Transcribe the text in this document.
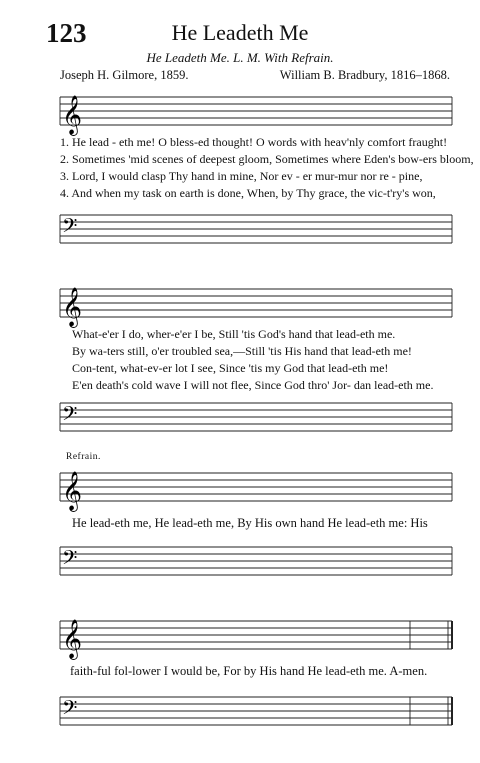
123	He Leadeth Me
He Leadeth Me. L. M. With Refrain.
Joseph H. Gilmore, 1859.	William B. Bradbury, 1816–1868.
𝄞
1. He lead - eth me! O bless-ed thought! O words with heav'nly comfort fraught!
2. Sometimes 'mid scenes of deepest gloom, Sometimes where Eden's bow-ers bloom,
3. Lord, I would clasp Thy hand in mine, Nor ev - er mur-mur nor re - pine,
4. And when my task on earth is done, When, by Thy grace, the vic-t'ry's won,
𝄢
𝄞
What-e'er I do, wher-e'er I be, Still 'tis God's hand that lead-eth me.
By wa-ters still, o'er troubled sea,—Still 'tis His hand that lead-eth me!
Con-tent, what-ev-er lot I see, Since 'tis my God that lead-eth me!
E'en death's cold wave I will not flee, Since God thro' Jor- dan lead-eth me.
𝄢
Refrain.
𝄞
He lead-eth me, He lead-eth me, By His own hand He lead-eth me: His
𝄢
𝄞
faith-ful fol-lower I would be, For by His hand He lead-eth me. A-men.
𝄢
